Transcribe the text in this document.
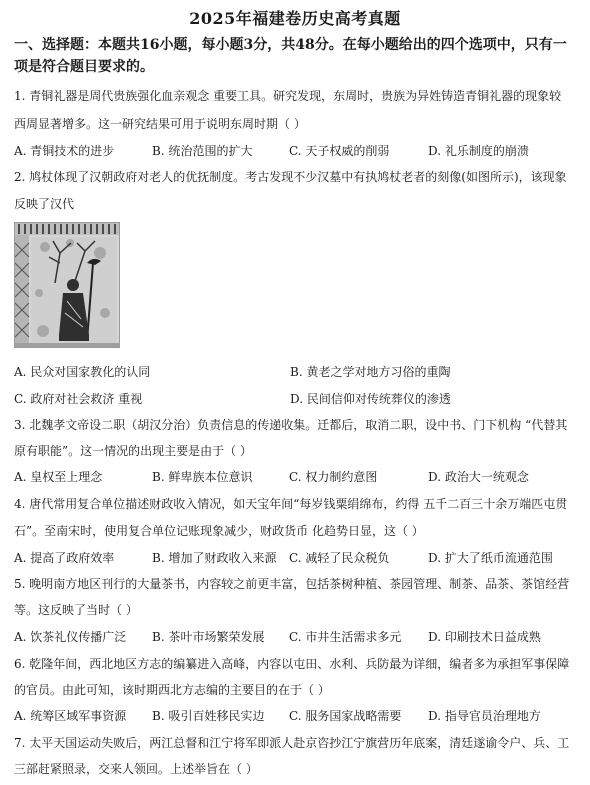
2025年福建卷历史高考真题
一、选择题：本题共16小题，每小题3分，共48分。在每小题给出的四个选项中，只有一
项是符合题目要求的。
1. 青铜礼器是周代贵族强化血亲观念 重要工具。研究发现，东周时，贵族为异姓铸造青铜礼器的现象较
西周显著增多。这一研究结果可用于说明东周时期（ ）
A. 青铜技术的进步	B. 统治范围的扩大	C. 天子权威的削弱	D. 礼乐制度的崩溃
2. 鸠杖体现了汉朝政府对老人的优抚制度。考古发现不少汉墓中有执鸠杖老者的刻像(如图所示)，该现象
反映了汉代
A. 民众对国家教化的认同	B. 黄老之学对地方习俗的重陶
C. 政府对社会救济 重视	D. 民间信仰对传统葬仪的渗透
3. 北魏孝文帝设二职（胡汉分治）负责信息的传递收集。迁都后，取消二职，设中书、门下机构 “代替其
原有职能”。这一情况的出现主要是由于（ ）
A. 皇权至上理念	B. 鲜卑族本位意识	C. 权力制约意图	D. 政治大一统观念
4. 唐代常用复合单位描述财政收入情况，如天宝年间“每岁钱粟绢绵布，约得 五千二百三十余万端匹屯贯
石”。至南宋时，使用复合单位记账现象减少，财政货币 化趋势日显，这（ ）
A. 提高了政府效率	B. 增加了财政收入来源 C. 减轻了民众税负	D. 扩大了纸币流通范围
5. 晚明南方地区刊行的大量茶书，内容较之前更丰富，包括茶树种植、茶园管理、制茶、品茶、茶馆经营
等。这反映了当时（ ）
A. 饮茶礼仪传播广泛 B. 茶叶市场繁荣发展 C. 市井生活需求多元 D. 印刷技术日益成熟
6. 乾隆年间，西北地区方志的编纂进入高峰，内容以屯田、水利、兵防最为详细，编者多为承担军事保障
的官员。由此可知，该时期西北方志编的主要目的在于（ ）
A. 统筹区域军事资源 B. 吸引百姓移民实边 C. 服务国家战略需要 D. 指导官员治理地方
7. 太平天国运动失败后，两江总督和江宁将军即派人赴京咨抄江宁旗营历年底案，清廷遂谕令户、兵、工
三部赶紧照录，交来人领回。上述举旨在（ ）
